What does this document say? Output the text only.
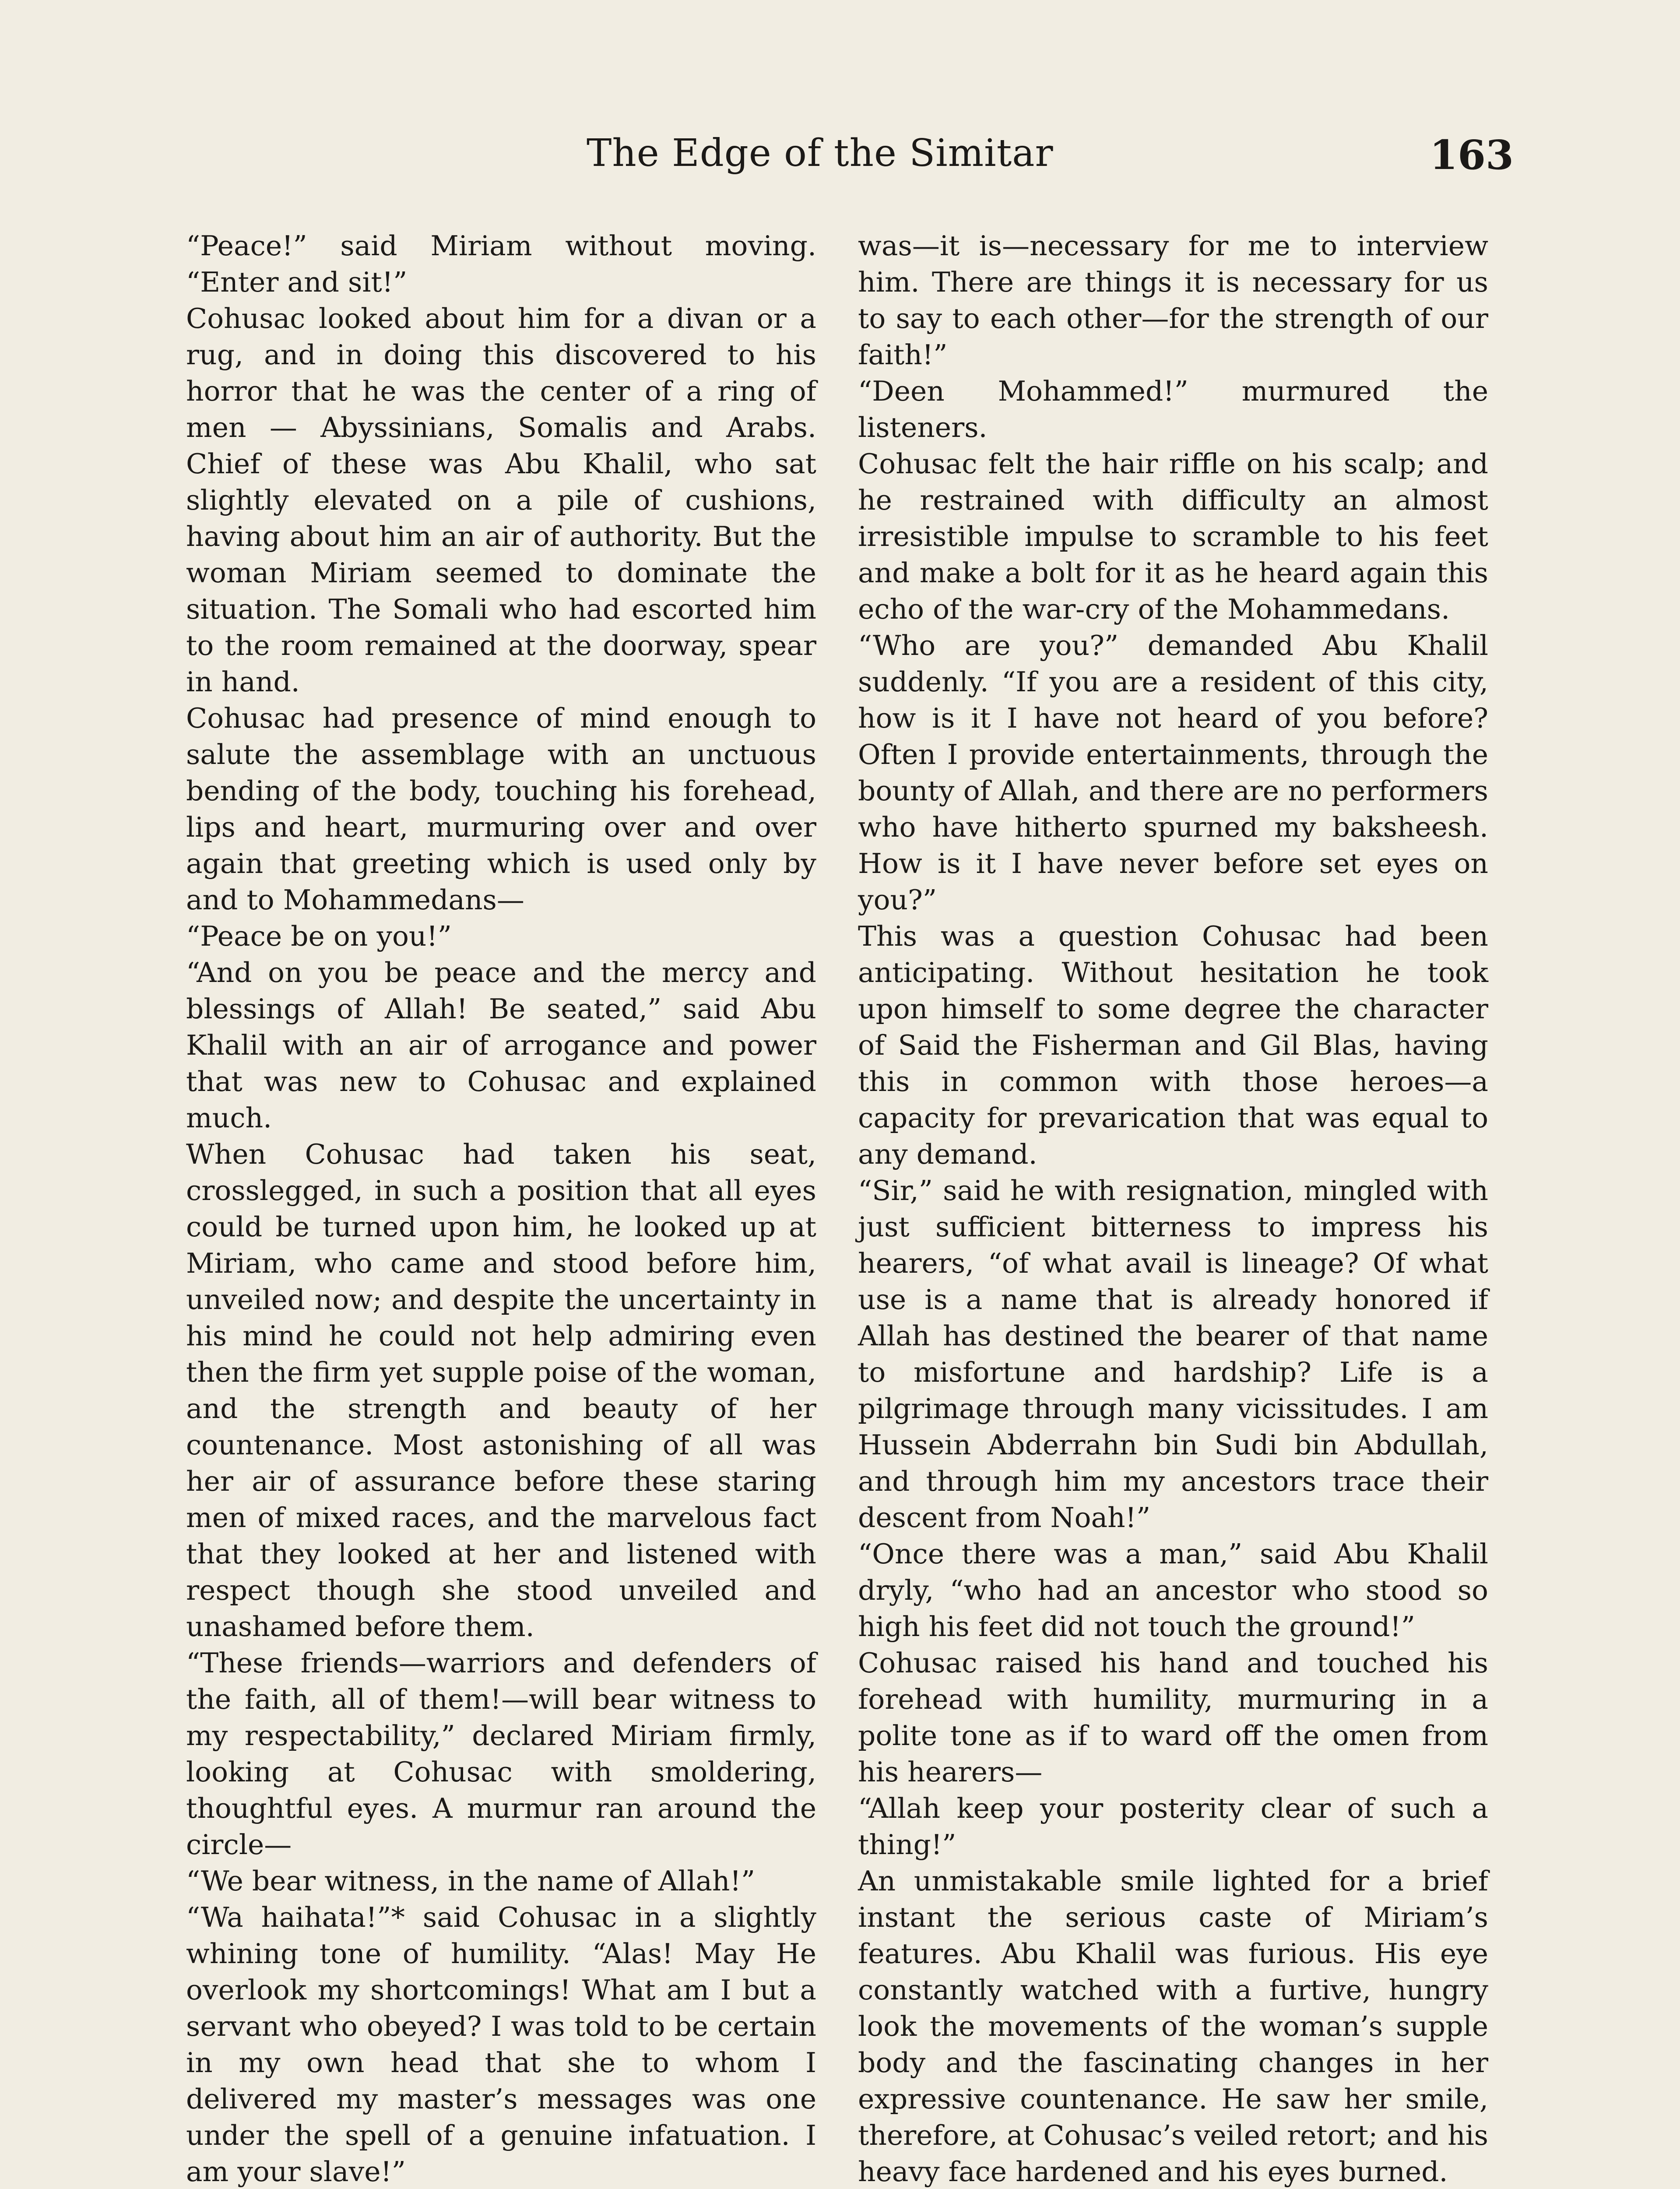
The Edge of the Simitar	163

“Peace!” said Miriam without moving. “Enter and sit!”

Cohusac looked about him for a divan or a rug, and in doing this discovered to his horror that he was the center of a ring of men — Abyssinians, Somalis and Arabs. Chief of these was Abu Khalil, who sat slightly elevated on a pile of cushions, having about him an air of authority. But the woman Miriam seemed to dominate the situation. The Somali who had escorted him to the room remained at the doorway, spear in hand.

Cohusac had presence of mind enough to salute the assemblage with an unctuous bending of the body, touching his forehead, lips and heart, murmuring over and over again that greeting which is used only by and to Mohammedans—

“Peace be on you!”

“And on you be peace and the mercy and blessings of Allah! Be seated,” said Abu Khalil with an air of arrogance and power that was new to Cohusac and explained much.

When Cohusac had taken his seat, crosslegged, in such a position that all eyes could be turned upon him, he looked up at Miriam, who came and stood before him, unveiled now; and despite the uncertainty in his mind he could not help admiring even then the firm yet supple poise of the woman, and the strength and beauty of her countenance. Most astonishing of all was her air of assurance before these staring men of mixed races, and the marvelous fact that they looked at her and listened with respect though she stood unveiled and unashamed before them.

“These friends—warriors and defenders of the faith, all of them!—will bear witness to my respectability,” declared Miriam firmly, looking at Cohusac with smoldering, thoughtful eyes. A murmur ran around the circle—

“We bear witness, in the name of Allah!”

“Wa haihata!”* said Cohusac in a slightly whining tone of humility. “Alas! May He overlook my shortcomings! What am I but a servant who obeyed? I was told to be certain in my own head that she to whom I delivered my master’s messages was one under the spell of a genuine infatuation. I am your slave!”

was—it is—necessary for me to interview him. There are things it is necessary for us to say to each other—for the strength of our faith!”

“Deen Mohammed!” murmured the listeners.

Cohusac felt the hair riffle on his scalp; and he restrained with difficulty an almost irresistible impulse to scramble to his feet and make a bolt for it as he heard again this echo of the war-cry of the Mohammedans.

“Who are you?” demanded Abu Khalil suddenly. “If you are a resident of this city, how is it I have not heard of you before? Often I provide entertainments, through the bounty of Allah, and there are no performers who have hitherto spurned my baksheesh. How is it I have never before set eyes on you?”

This was a question Cohusac had been anticipating. Without hesitation he took upon himself to some degree the character of Said the Fisherman and Gil Blas, having this in common with those heroes—a capacity for prevarication that was equal to any demand.

“Sir,” said he with resignation, mingled with just sufficient bitterness to impress his hearers, “of what avail is lineage? Of what use is a name that is already honored if Allah has destined the bearer of that name to misfortune and hardship? Life is a pilgrimage through many vicissitudes. I am Hussein Abderrahn bin Sudi bin Abdullah, and through him my ancestors trace their descent from Noah!”

“Once there was a man,” said Abu Khalil dryly, “who had an ancestor who stood so high his feet did not touch the ground!”

Cohusac raised his hand and touched his forehead with humility, murmuring in a polite tone as if to ward off the omen from his hearers—

“Allah keep your posterity clear of such a thing!”

An unmistakable smile lighted for a brief instant the serious caste of Miriam’s features. Abu Khalil was furious. His eye constantly watched with a furtive, hungry look the movements of the woman’s supple body and the fascinating changes in her expressive countenance. He saw her smile, therefore, at Cohusac’s veiled retort; and his heavy face hardened and his eyes burned.
